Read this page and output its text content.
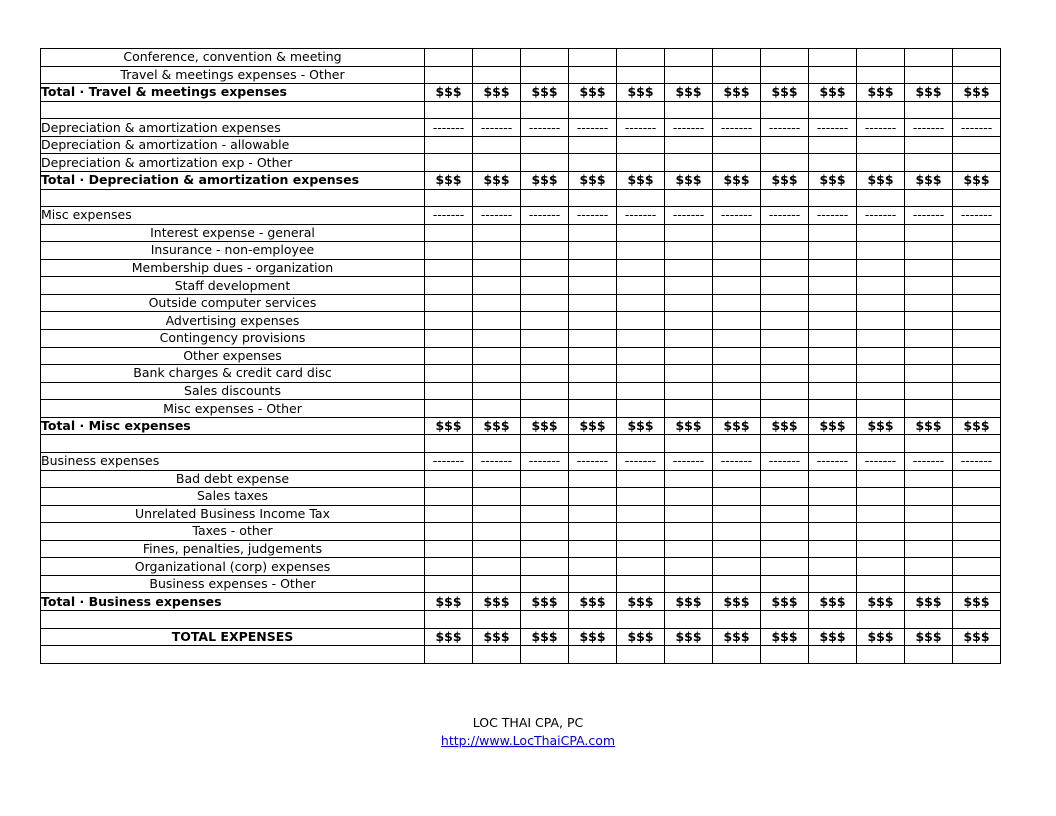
Conference, convention & meeting												
Travel & meetings expenses - Other												
Total · Travel & meetings expenses	$$$	$$$	$$$	$$$	$$$	$$$	$$$	$$$	$$$	$$$	$$$	$$$

Depreciation & amortization expenses	-------	-------	-------	-------	-------	-------	-------	-------	-------	-------	-------	-------
Depreciation & amortization - allowable												
Depreciation & amortization exp - Other												
Total · Depreciation & amortization expenses	$$$	$$$	$$$	$$$	$$$	$$$	$$$	$$$	$$$	$$$	$$$	$$$

Misc expenses	-------	-------	-------	-------	-------	-------	-------	-------	-------	-------	-------	-------
Interest expense - general												
Insurance - non-employee												
Membership dues - organization												
Staff development												
Outside computer services												
Advertising expenses												
Contingency provisions												
Other expenses												
Bank charges & credit card disc												
Sales discounts												
Misc expenses - Other												
Total · Misc expenses	$$$	$$$	$$$	$$$	$$$	$$$	$$$	$$$	$$$	$$$	$$$	$$$

Business expenses	-------	-------	-------	-------	-------	-------	-------	-------	-------	-------	-------	-------
Bad debt expense												
Sales taxes												
Unrelated Business Income Tax												
Taxes - other												
Fines, penalties, judgements												
Organizational (corp) expenses												
Business expenses - Other												
Total · Business expenses	$$$	$$$	$$$	$$$	$$$	$$$	$$$	$$$	$$$	$$$	$$$	$$$

TOTAL EXPENSES	$$$	$$$	$$$	$$$	$$$	$$$	$$$	$$$	$$$	$$$	$$$	$$$

LOC THAI CPA, PC
http://www.LocThaiCPA.com
